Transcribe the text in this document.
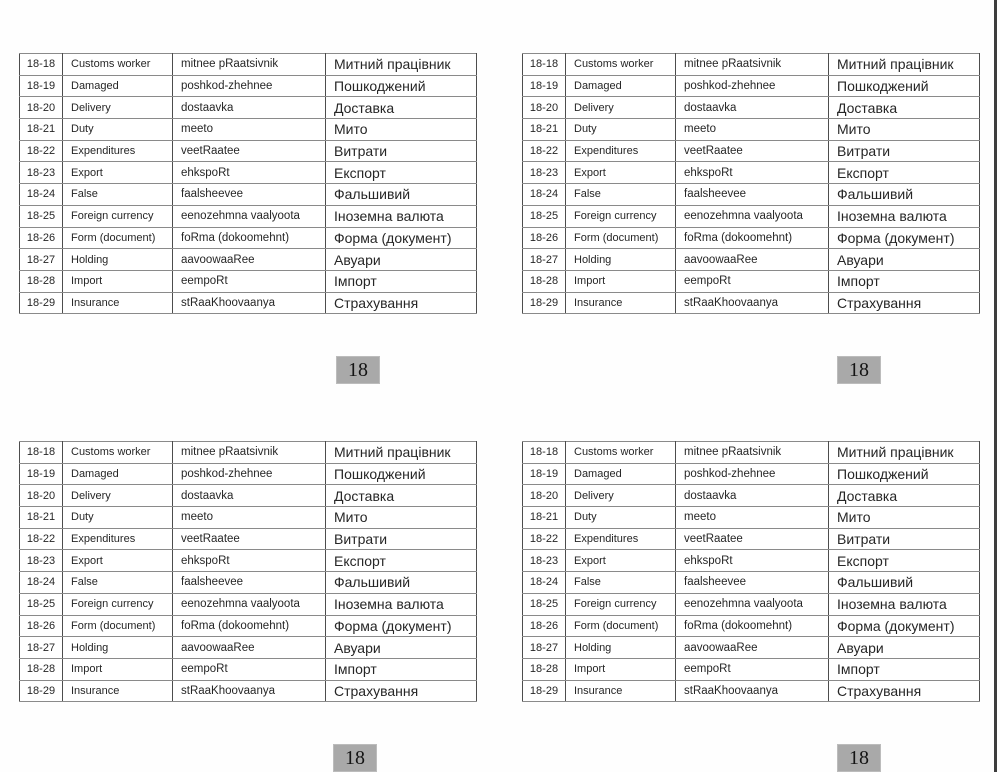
18-18	Customs worker	mitnee pRaatsivnik	Митний працівник
18-19	Damaged	poshkod-zhehnee	Пошкоджений
18-20	Delivery	dostaavka	Доставка
18-21	Duty	meeto	Мито
18-22	Expenditures	veetRaatee	Витрати
18-23	Export	ehkspoRt	Експорт
18-24	False	faalsheevee	Фальшивий
18-25	Foreign currency	eenozehmna vaalyoota	Іноземна валюта
18-26	Form (document)	foRma (dokoomehnt)	Форма (документ)
18-27	Holding	aavoowaaRee	Авуари
18-28	Import	eempoRt	Імпорт
18-29	Insurance	stRaaKhoovaanya	Страхування
18-18	Customs worker	mitnee pRaatsivnik	Митний працівник
18-19	Damaged	poshkod-zhehnee	Пошкоджений
18-20	Delivery	dostaavka	Доставка
18-21	Duty	meeto	Мито
18-22	Expenditures	veetRaatee	Витрати
18-23	Export	ehkspoRt	Експорт
18-24	False	faalsheevee	Фальшивий
18-25	Foreign currency	eenozehmna vaalyoota	Іноземна валюта
18-26	Form (document)	foRma (dokoomehnt)	Форма (документ)
18-27	Holding	aavoowaaRee	Авуари
18-28	Import	eempoRt	Імпорт
18-29	Insurance	stRaaKhoovaanya	Страхування
18-18	Customs worker	mitnee pRaatsivnik	Митний працівник
18-19	Damaged	poshkod-zhehnee	Пошкоджений
18-20	Delivery	dostaavka	Доставка
18-21	Duty	meeto	Мито
18-22	Expenditures	veetRaatee	Витрати
18-23	Export	ehkspoRt	Експорт
18-24	False	faalsheevee	Фальшивий
18-25	Foreign currency	eenozehmna vaalyoota	Іноземна валюта
18-26	Form (document)	foRma (dokoomehnt)	Форма (документ)
18-27	Holding	aavoowaaRee	Авуари
18-28	Import	eempoRt	Імпорт
18-29	Insurance	stRaaKhoovaanya	Страхування
18-18	Customs worker	mitnee pRaatsivnik	Митний працівник
18-19	Damaged	poshkod-zhehnee	Пошкоджений
18-20	Delivery	dostaavka	Доставка
18-21	Duty	meeto	Мито
18-22	Expenditures	veetRaatee	Витрати
18-23	Export	ehkspoRt	Експорт
18-24	False	faalsheevee	Фальшивий
18-25	Foreign currency	eenozehmna vaalyoota	Іноземна валюта
18-26	Form (document)	foRma (dokoomehnt)	Форма (документ)
18-27	Holding	aavoowaaRee	Авуари
18-28	Import	eempoRt	Імпорт
18-29	Insurance	stRaaKhoovaanya	Страхування
18	18
18	18
